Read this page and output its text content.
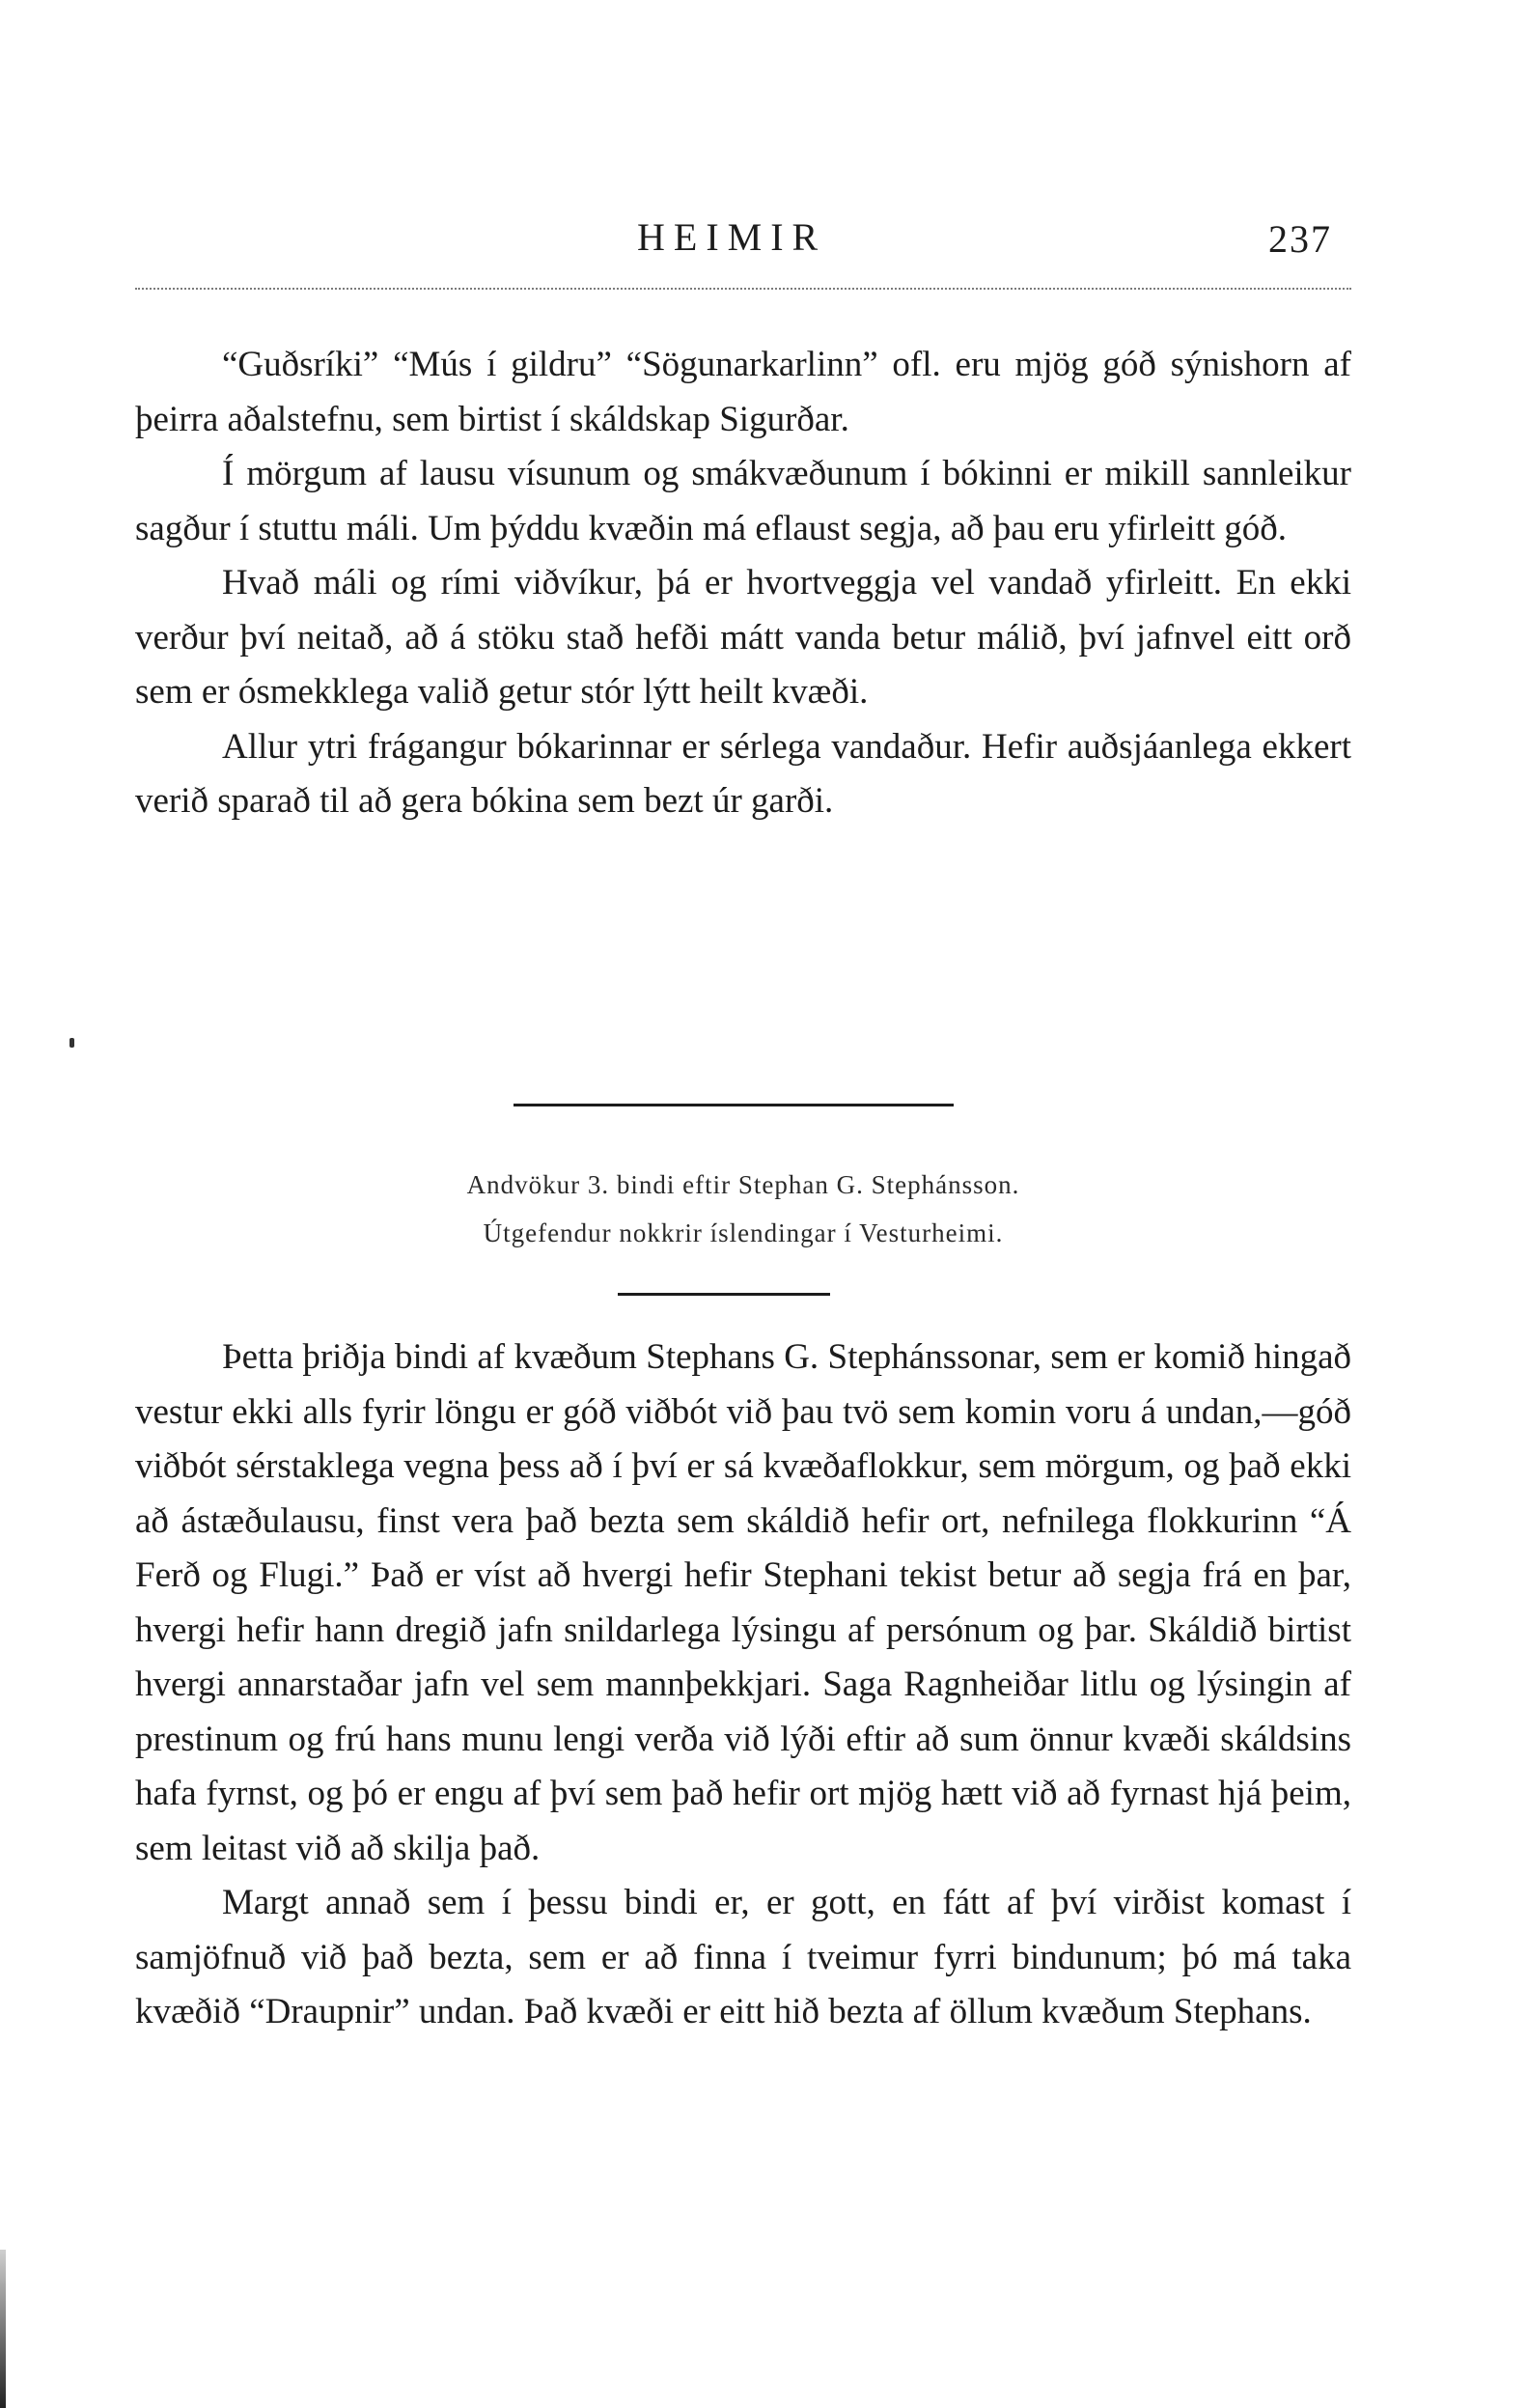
HEIMIR	237

“Guðsríki” “Mús í gildru” “Sögunarkarlinn” ofl. eru mjög góð sýnishorn af þeirra aðalstefnu, sem birtist í skáldskap Sigurðar.

Í mörgum af lausu vísunum og smákvæðunum í bókinni er mikill sannleikur sagður í stuttu máli. Um þýddu kvæðin má eflaust segja, að þau eru yfirleitt góð.

Hvað máli og rími viðvíkur, þá er hvortveggja vel vandað yfirleitt. En ekki verður því neitað, að á stöku stað hefði mátt vanda betur málið, því jafnvel eitt orð sem er ósmekklega valið getur stór lýtt heilt kvæði.

Allur ytri frágangur bókarinnar er sérlega vandaður. Hefir auðsjáanlega ekkert verið sparað til að gera bókina sem bezt úr garði.

Andvökur 3. bindi eftir Stephan G. Stephánsson.
Útgefendur nokkrir íslendingar í Vesturheimi.

Þetta þriðja bindi af kvæðum Stephans G. Stephánssonar, sem er komið hingað vestur ekki alls fyrir löngu er góð viðbót við þau tvö sem komin voru á undan,—góð viðbót sérstaklega vegna þess að í því er sá kvæðaflokkur, sem mörgum, og það ekki að ástæðulausu, finst vera það bezta sem skáldið hefir ort, nefnilega flokkurinn “Á Ferð og Flugi.” Það er víst að hvergi hefir Stephani tekist betur að segja frá en þar, hvergi hefir hann dregið jafn snildarlega lýsingu af persónum og þar. Skáldið birtist hvergi annarstaðar jafn vel sem mannþekkjari. Saga Ragnheiðar litlu og lýsingin af prestinum og frú hans munu lengi verða við lýði eftir að sum önnur kvæði skáldsins hafa fyrnst, og þó er engu af því sem það hefir ort mjög hætt við að fyrnast hjá þeim, sem leitast við að skilja það.

Margt annað sem í þessu bindi er, er gott, en fátt af því virðist komast í samjöfnuð við það bezta, sem er að finna í tveimur fyrri bindunum; þó má taka kvæðið “Draupnir” undan. Það kvæði er eitt hið bezta af öllum kvæðum Stephans.
